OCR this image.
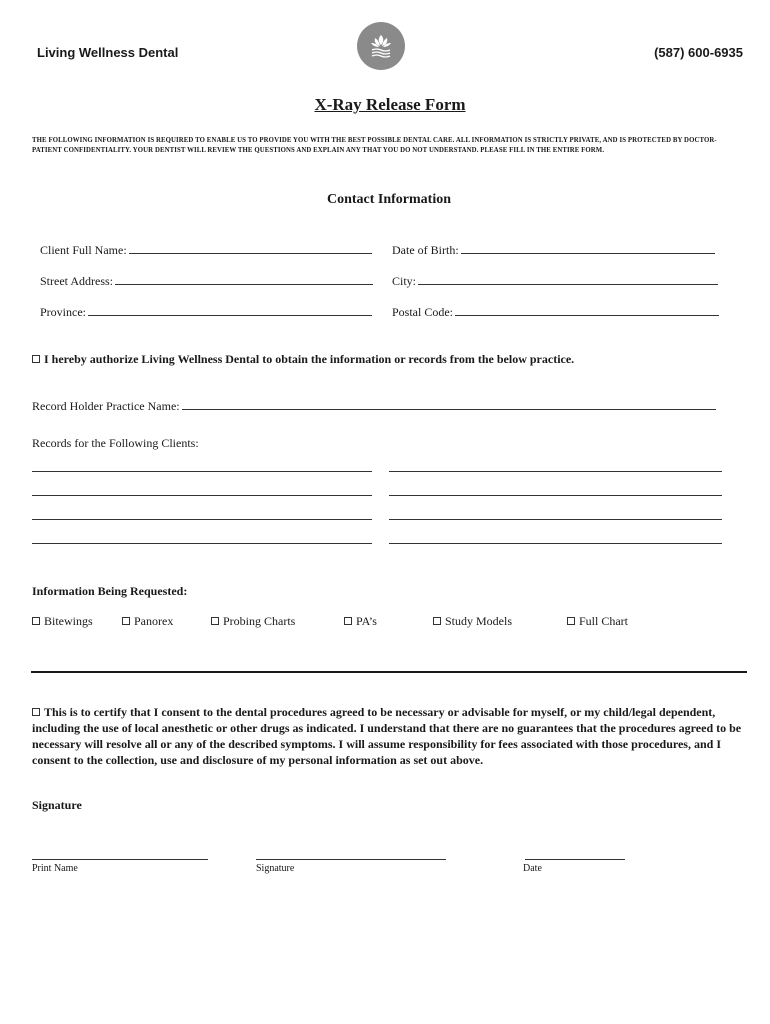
Living Wellness Dental	(587) 600-6935
X-Ray Release Form
THE FOLLOWING INFORMATION IS REQUIRED TO ENABLE US TO PROVIDE YOU WITH THE BEST POSSIBLE DENTAL CARE. ALL INFORMATION IS STRICTLY PRIVATE, AND IS PROTECTED BY DOCTOR-PATIENT CONFIDENTIALITY. YOUR DENTIST WILL REVIEW THE QUESTIONS AND EXPLAIN ANY THAT YOU DO NOT UNDERSTAND. PLEASE FILL IN THE ENTIRE FORM.
Contact Information
Client Full Name:	Date of Birth:
Street Address:	City:
Province:	Postal Code:
I hereby authorize Living Wellness Dental to obtain the information or records from the below practice.
Record Holder Practice Name:
Records for the Following Clients:
Information Being Requested:
Bitewings	Panorex	Probing Charts	PA’s	Study Models	Full Chart
This is to certify that I consent to the dental procedures agreed to be necessary or advisable for myself, or my child/legal dependent, including the use of local anesthetic or other drugs as indicated. I understand that there are no guarantees that the procedures agreed to be necessary will resolve all or any of the described symptoms. I will assume responsibility for fees associated with those procedures, and I consent to the collection, use and disclosure of my personal information as set out above.
Signature
Print Name	Signature	Date
